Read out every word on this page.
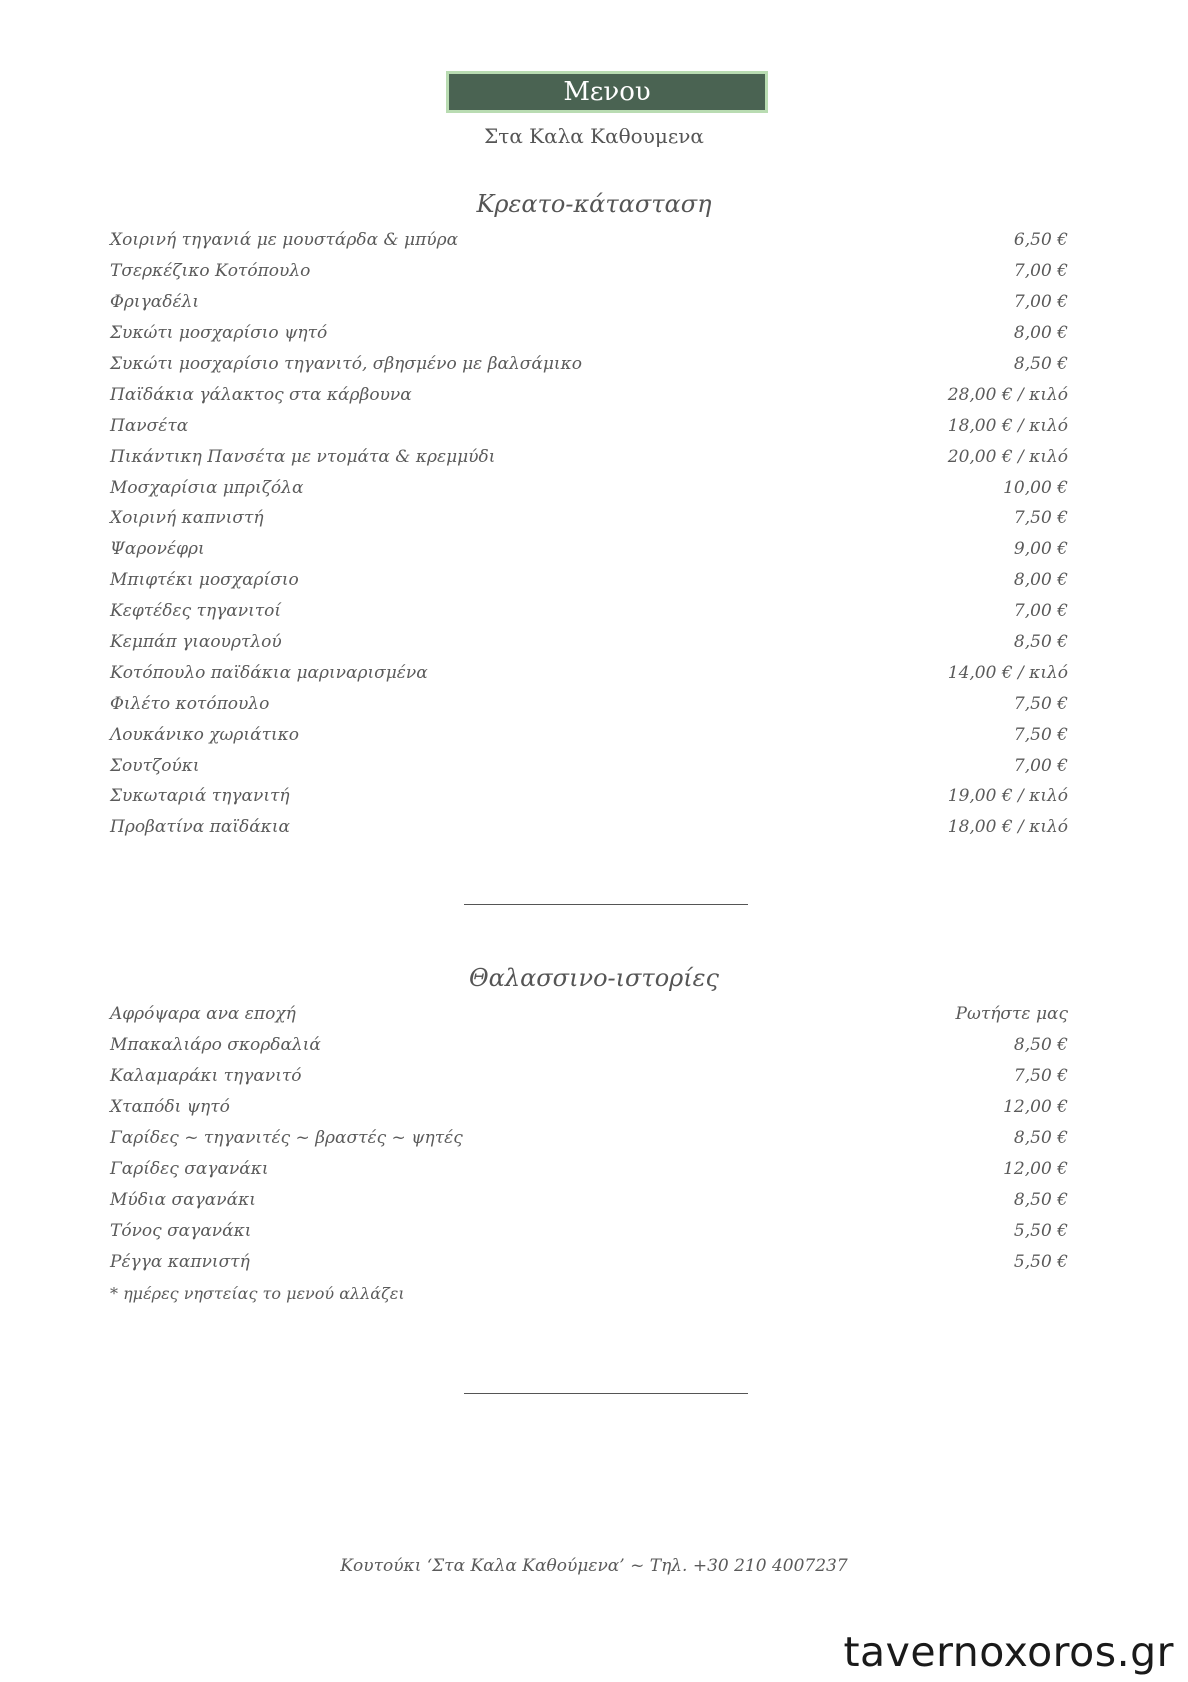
Μενου
Στα Καλα Καθουμενα
Κρεατο-κάτασταση
Χοιρινή τηγανιά με μουστάρδα & μπύρα	6,50 €
Τσερκέζικο Κοτόπουλο	7,00 €
Φριγαδέλι	7,00 €
Συκώτι μοσχαρίσιο ψητό	8,00 €
Συκώτι μοσχαρίσιο τηγανιτό, σβησμένο με βαλσάμικο	8,50 €
Παϊδάκια γάλακτος στα κάρβουνα	28,00 € / κιλό
Πανσέτα	18,00 € / κιλό
Πικάντικη Πανσέτα με ντομάτα & κρεμμύδι	20,00 € / κιλό
Μοσχαρίσια μπριζόλα	10,00 €
Χοιρινή καπνιστή	7,50 €
Ψαρονέφρι	9,00 €
Μπιφτέκι μοσχαρίσιο	8,00 €
Κεφτέδες τηγανιτοί	7,00 €
Κεμπάπ γιαουρτλού	8,50 €
Κοτόπουλο παϊδάκια μαριναρισμένα	14,00 € / κιλό
Φιλέτο κοτόπουλο	7,50 €
Λουκάνικο χωριάτικο	7,50 €
Σουτζούκι	7,00 €
Συκωταριά τηγανιτή	19,00 € / κιλό
Προβατίνα παϊδάκια	18,00 € / κιλό
Θαλασσινο-ιστορίες
Αφρόψαρα ανα εποχή	Ρωτήστε μας
Μπακαλιάρο σκορδαλιά	8,50 €
Καλαμαράκι τηγανιτό	7,50 €
Χταπόδι ψητό	12,00 €
Γαρίδες ~ τηγανιτές ~ βραστές ~ ψητές	8,50 €
Γαρίδες σαγανάκι	12,00 €
Μύδια σαγανάκι	8,50 €
Τόνος σαγανάκι	5,50 €
Ρέγγα καπνιστή	5,50 €
* ημέρες νηστείας το μενού αλλάζει
Κουτούκι ‘Στα Καλα Καθούμενα’ ~ Τηλ. +30 210 4007237
tavernoxoros.gr
